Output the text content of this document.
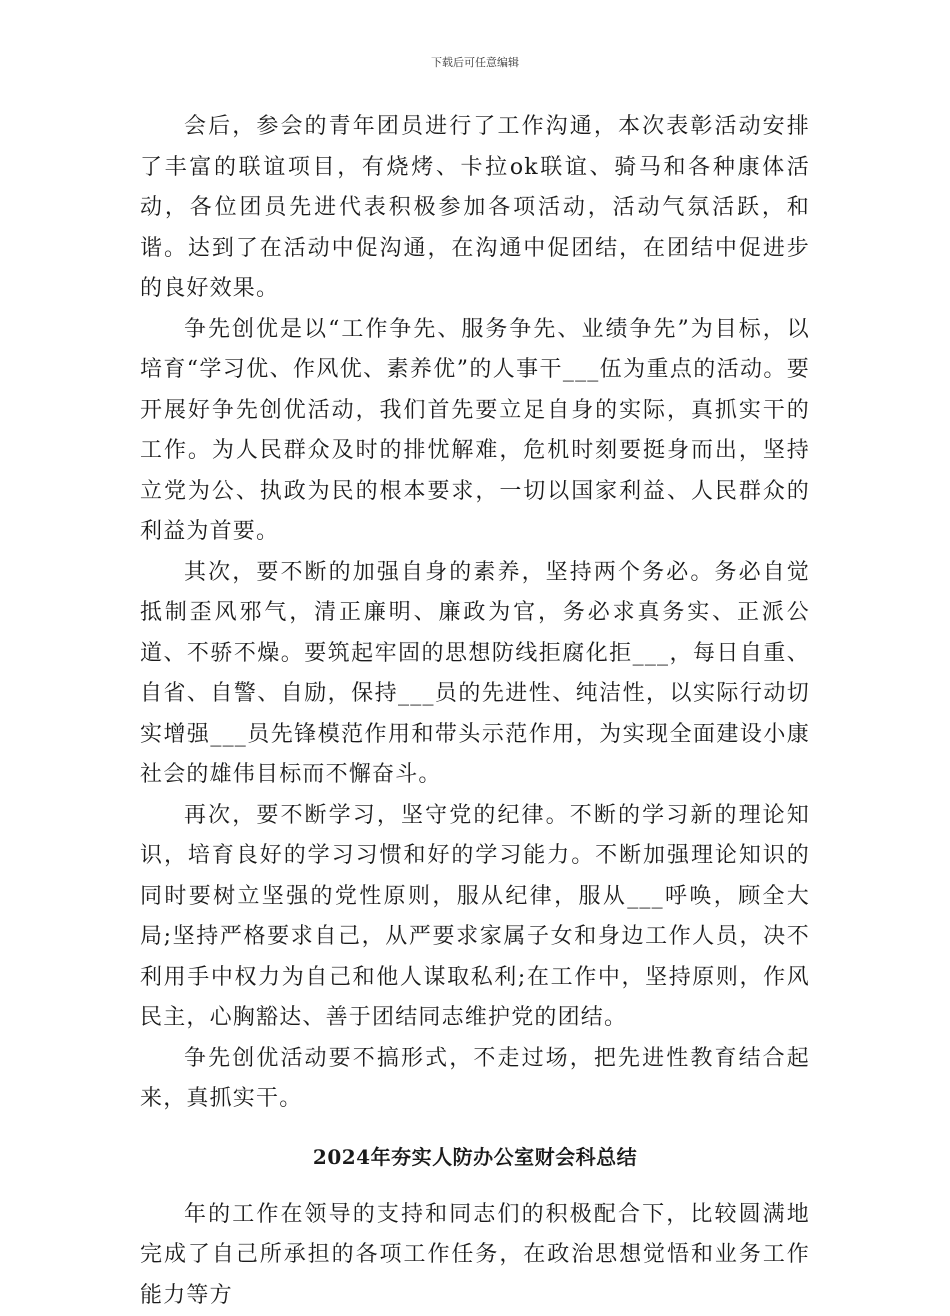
下载后可任意编辑

会后，参会的青年团员进行了工作沟通，本次表彰活动安排了丰富的联谊项目，有烧烤、卡拉ok联谊、骑马和各种康体活动，各位团员先进代表积极参加各项活动，活动气氛活跃，和谐。达到了在活动中促沟通，在沟通中促团结，在团结中促进步的良好效果。

争先创优是以“工作争先、服务争先、业绩争先”为目标，以培育“学习优、作风优、素养优”的人事干___伍为重点的活动。要开展好争先创优活动，我们首先要立足自身的实际，真抓实干的工作。为人民群众及时的排忧解难，危机时刻要挺身而出，坚持立党为公、执政为民的根本要求，一切以国家利益、人民群众的利益为首要。

其次，要不断的加强自身的素养，坚持两个务必。务必自觉抵制歪风邪气，清正廉明、廉政为官，务必求真务实、正派公道、不骄不燥。要筑起牢固的思想防线拒腐化拒___，每日自重、自省、自警、自励，保持___员的先进性、纯洁性，以实际行动切实增强___员先锋模范作用和带头示范作用，为实现全面建设小康社会的雄伟目标而不懈奋斗。

再次，要不断学习，坚守党的纪律。不断的学习新的理论知识，培育良好的学习习惯和好的学习能力。不断加强理论知识的同时要树立坚强的党性原则，服从纪律，服从___呼唤，顾全大局;坚持严格要求自己，从严要求家属子女和身边工作人员，决不利用手中权力为自己和他人谋取私利;在工作中，坚持原则，作风民主，心胸豁达、善于团结同志维护党的团结。

争先创优活动要不搞形式，不走过场，把先进性教育结合起来，真抓实干。

2024年夯实人防办公室财会科总结

年的工作在领导的支持和同志们的积极配合下，比较圆满地完成了自己所承担的各项工作任务，在政治思想觉悟和业务工作能力等方
